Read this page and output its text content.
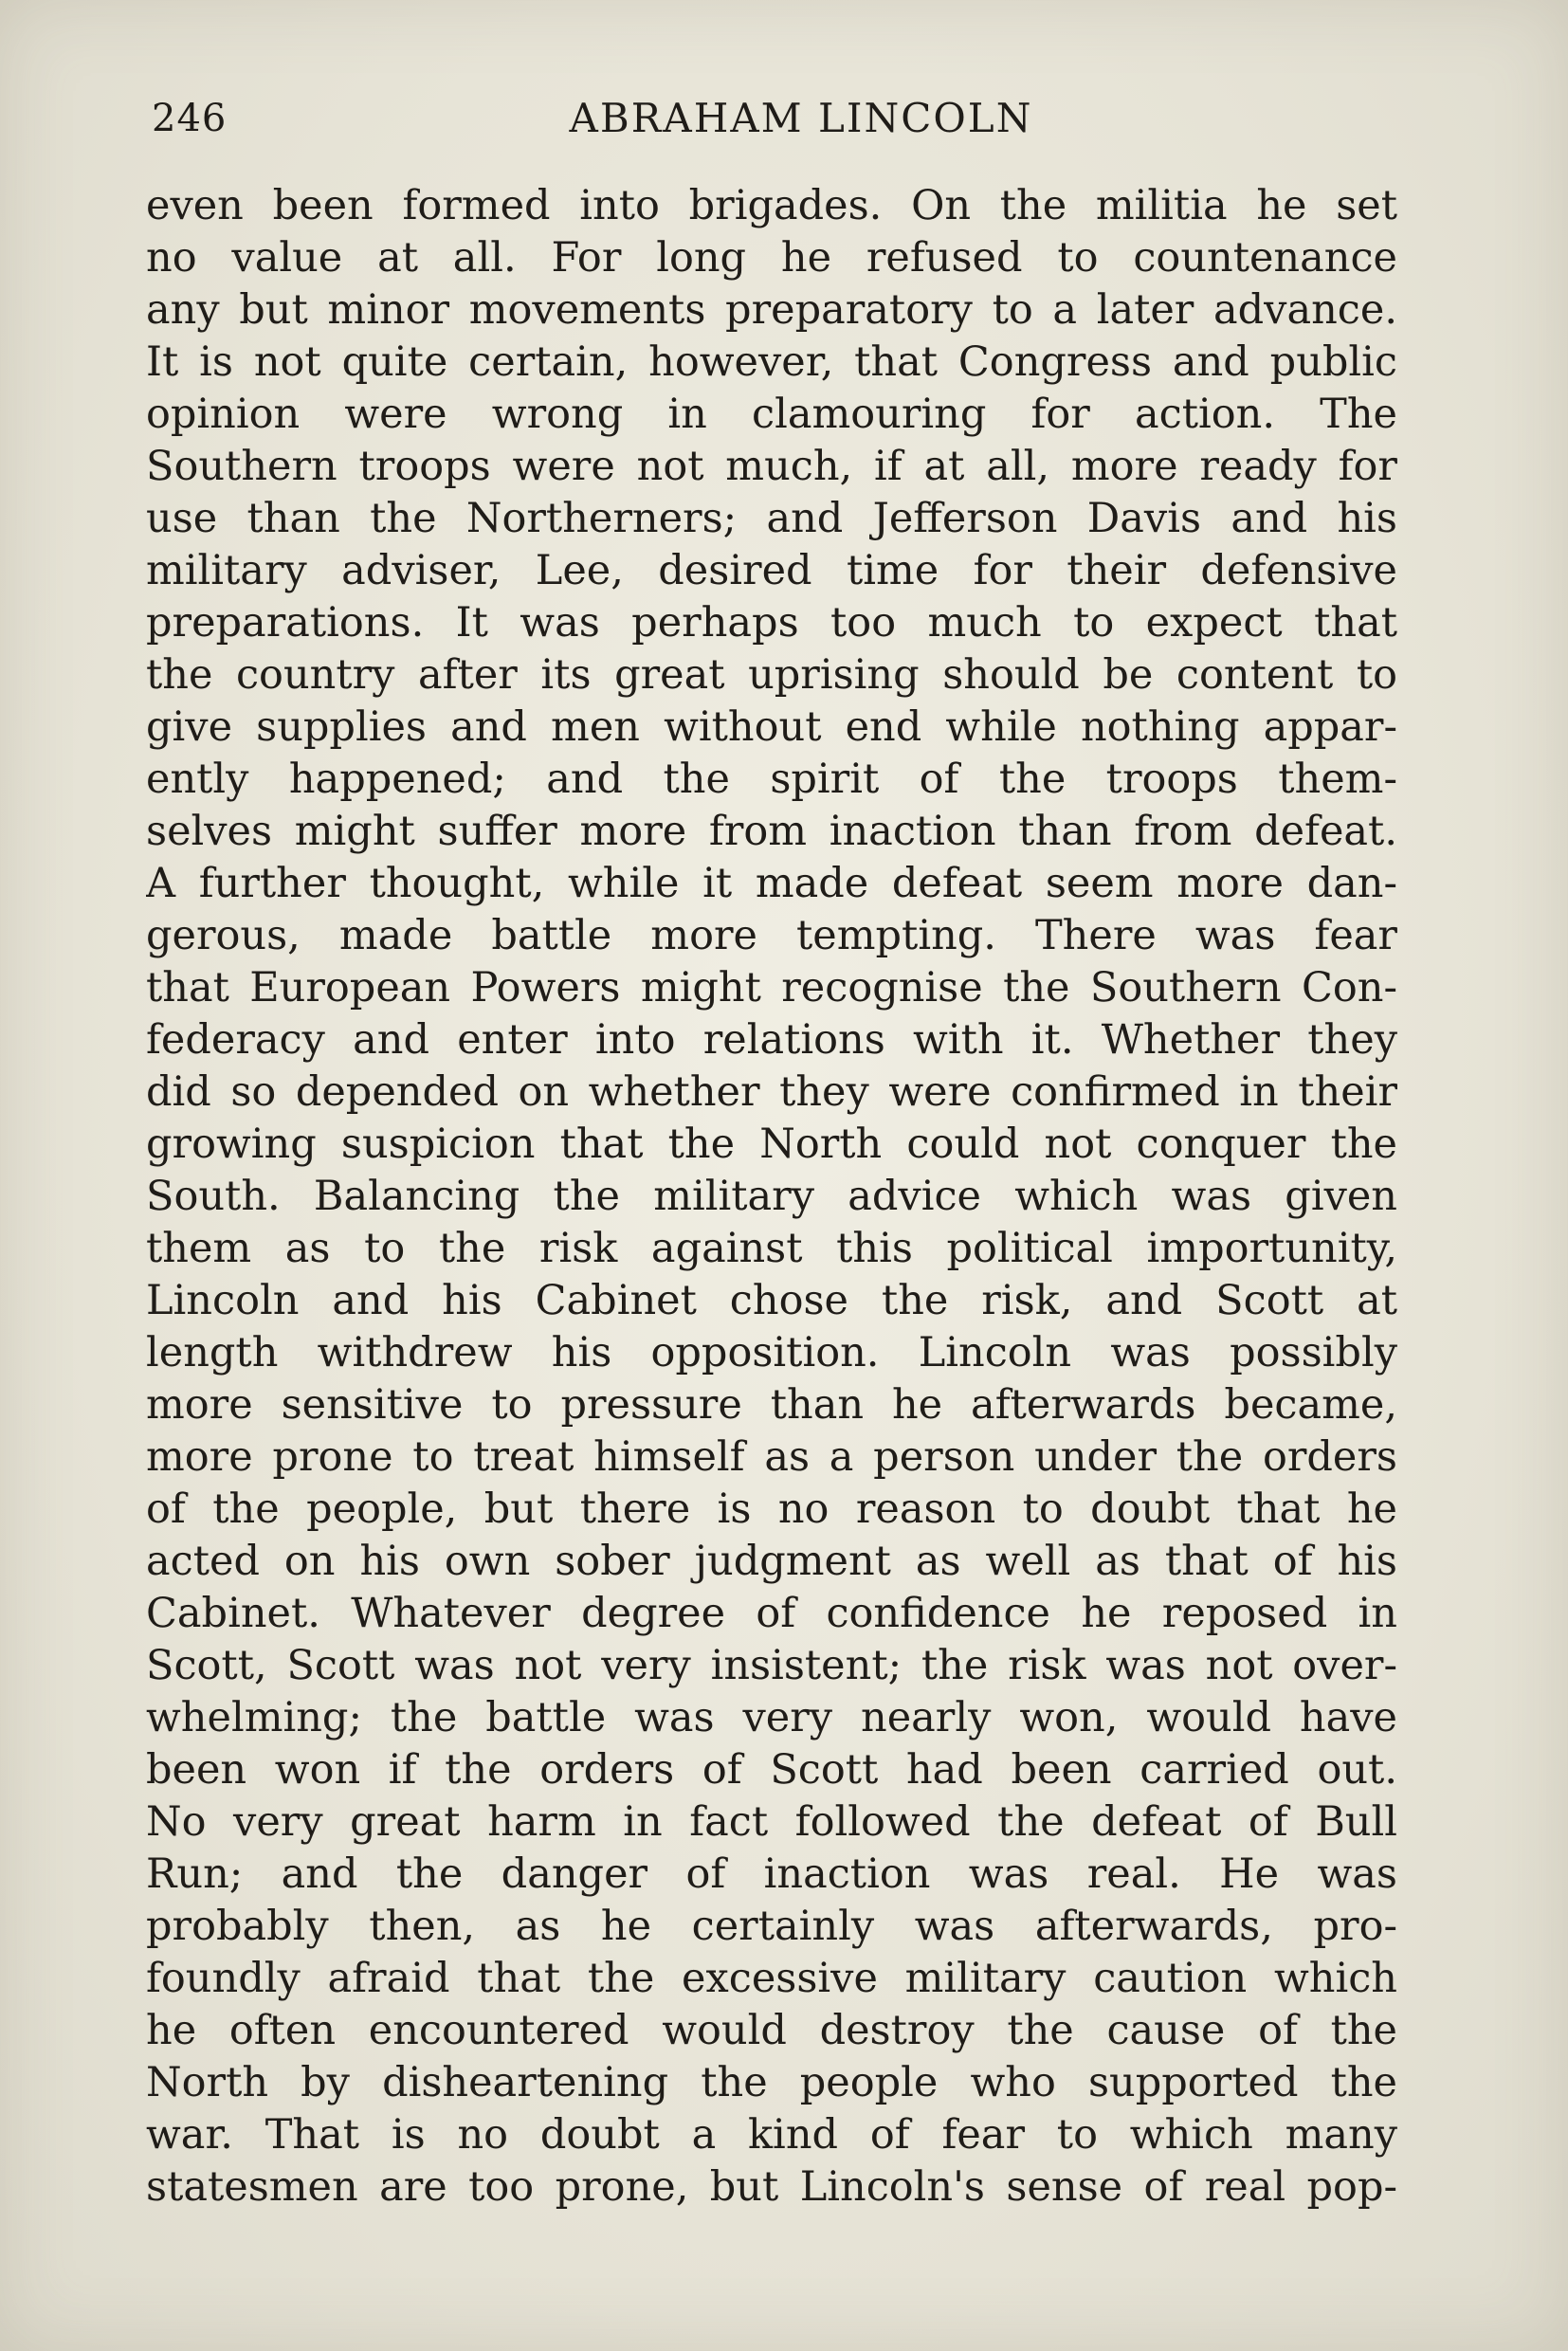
246	ABRAHAM LINCOLN
even been formed into brigades. On the militia he set
no value at all. For long he refused to countenance
any but minor movements preparatory to a later advance.
It is not quite certain, however, that Congress and public
opinion were wrong in clamouring for action. The
Southern troops were not much, if at all, more ready for
use than the Northerners; and Jefferson Davis and his
military adviser, Lee, desired time for their defensive
preparations. It was perhaps too much to expect that
the country after its great uprising should be content to
give supplies and men without end while nothing appar-
ently happened; and the spirit of the troops them-
selves might suffer more from inaction than from defeat.
A further thought, while it made defeat seem more dan-
gerous, made battle more tempting. There was fear
that European Powers might recognise the Southern Con-
federacy and enter into relations with it. Whether they
did so depended on whether they were confirmed in their
growing suspicion that the North could not conquer the
South. Balancing the military advice which was given
them as to the risk against this political importunity,
Lincoln and his Cabinet chose the risk, and Scott at
length withdrew his opposition. Lincoln was possibly
more sensitive to pressure than he afterwards became,
more prone to treat himself as a person under the orders
of the people, but there is no reason to doubt that he
acted on his own sober judgment as well as that of his
Cabinet. Whatever degree of confidence he reposed in
Scott, Scott was not very insistent; the risk was not over-
whelming; the battle was very nearly won, would have
been won if the orders of Scott had been carried out.
No very great harm in fact followed the defeat of Bull
Run; and the danger of inaction was real. He was
probably then, as he certainly was afterwards, pro-
foundly afraid that the excessive military caution which
he often encountered would destroy the cause of the
North by disheartening the people who supported the
war. That is no doubt a kind of fear to which many
statesmen are too prone, but Lincoln's sense of real pop-
